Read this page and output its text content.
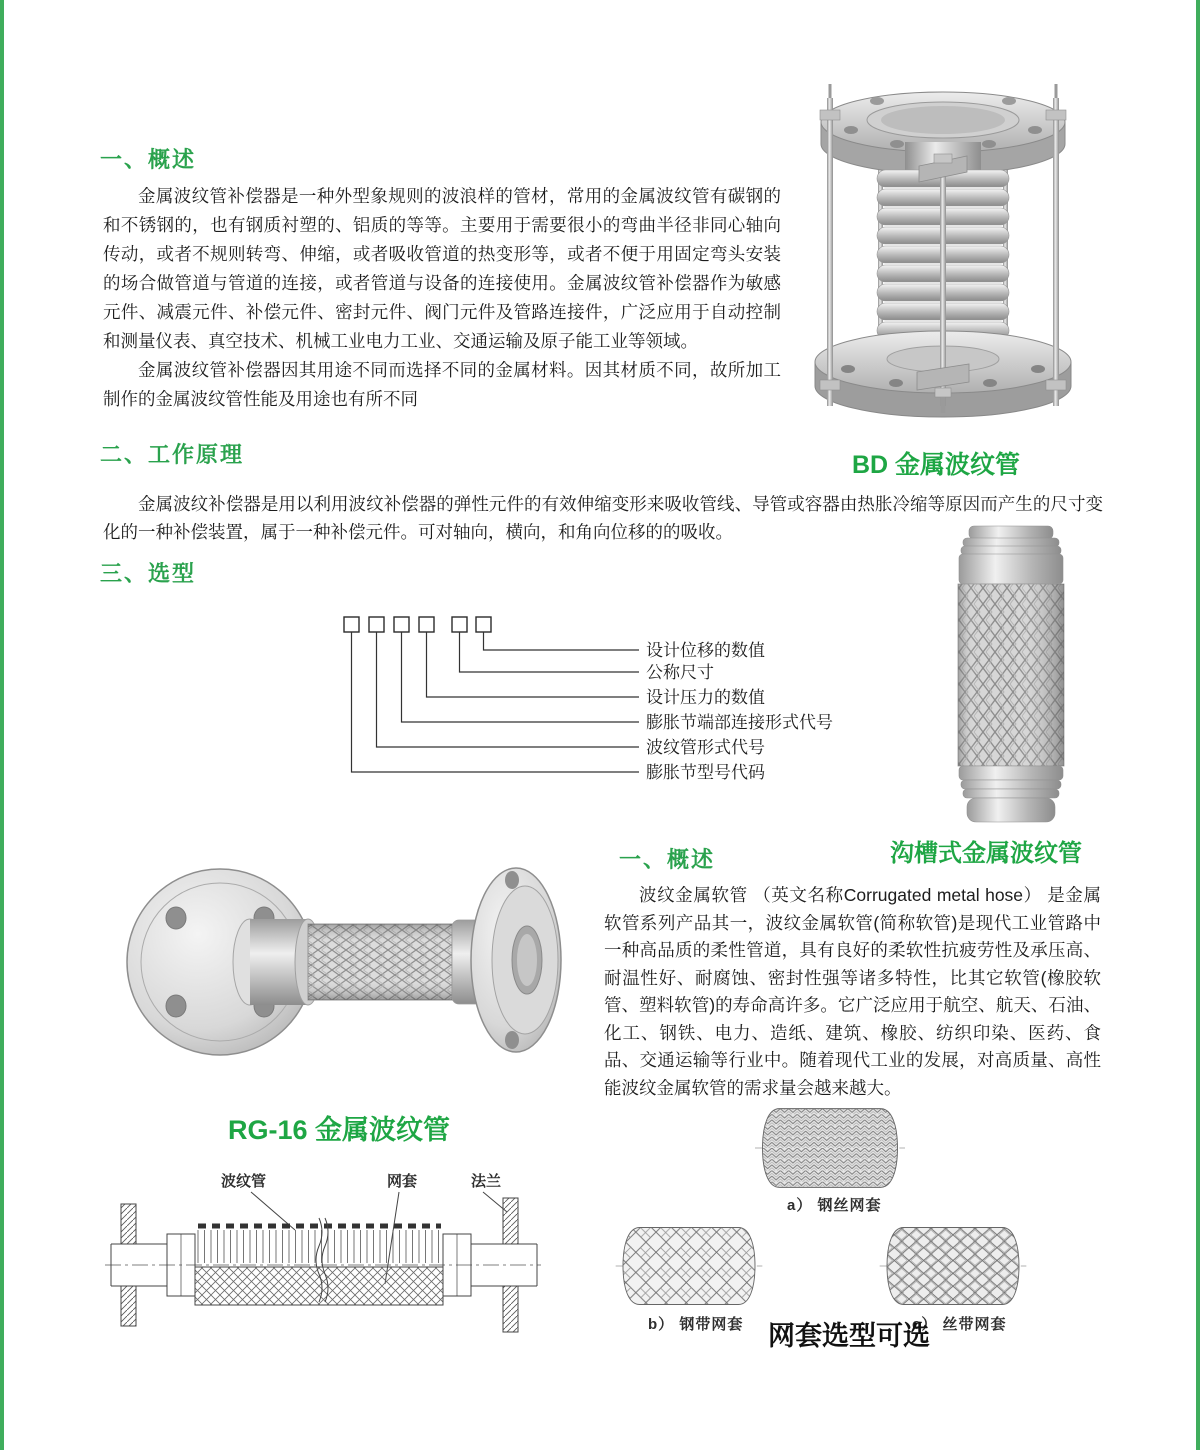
一、概述

金属波纹管补偿器是一种外型象规则的波浪样的管材，常用的金属波纹管有碳钢的和不锈钢的，也有钢质衬塑的、铝质的等等。主要用于需要很小的弯曲半径非同心轴向传动，或者不规则转弯、伸缩，或者吸收管道的热变形等，或者不便于用固定弯头安装的场合做管道与管道的连接，或者管道与设备的连接使用。金属波纹管补偿器作为敏感元件、减震元件、补偿元件、密封元件、阀门元件及管路连接件，广泛应用于自动控制和测量仪表、真空技术、机械工业电力工业、交通运输及原子能工业等领域。

金属波纹管补偿器因其用途不同而选择不同的金属材料。因其材质不同，故所加工制作的金属波纹管性能及用途也有所不同

BD 金属波纹管
二、工作原理

金属波纹补偿器是用以利用波纹补偿器的弹性元件的有效伸缩变形来吸收管线、导管或容器由热胀冷缩等原因而产生的尺寸变化的一种补偿装置，属于一种补偿元件。可对轴向，横向，和角向位移的的吸收。

三、选型
设计位移的数值
公称尺寸
设计压力的数值
膨胀节端部连接形式代号
波纹管形式代号
膨胀节型号代码
沟槽式金属波纹管
一、概述

波纹金属软管 （英文名称Corrugated metal hose） 是金属软管系列产品其一，波纹金属软管(简称软管)是现代工业管路中一种高品质的柔性管道，具有良好的柔软性抗疲劳性及承压高、耐温性好、耐腐蚀、密封性强等诸多特性，比其它软管(橡胶软管、塑料软管)的寿命高许多。它广泛应用于航空、航天、石油、化工、钢铁、电力、造纸、建筑、橡胶、纺织印染、医药、食品、交通运输等行业中。随着现代工业的发展，对高质量、高性能波纹金属软管的需求量会越来越大。

RG-16 金属波纹管
波纹管	网套	法兰
a） 钢丝网套
b） 钢带网套	c） 丝带网套
网套选型可选
